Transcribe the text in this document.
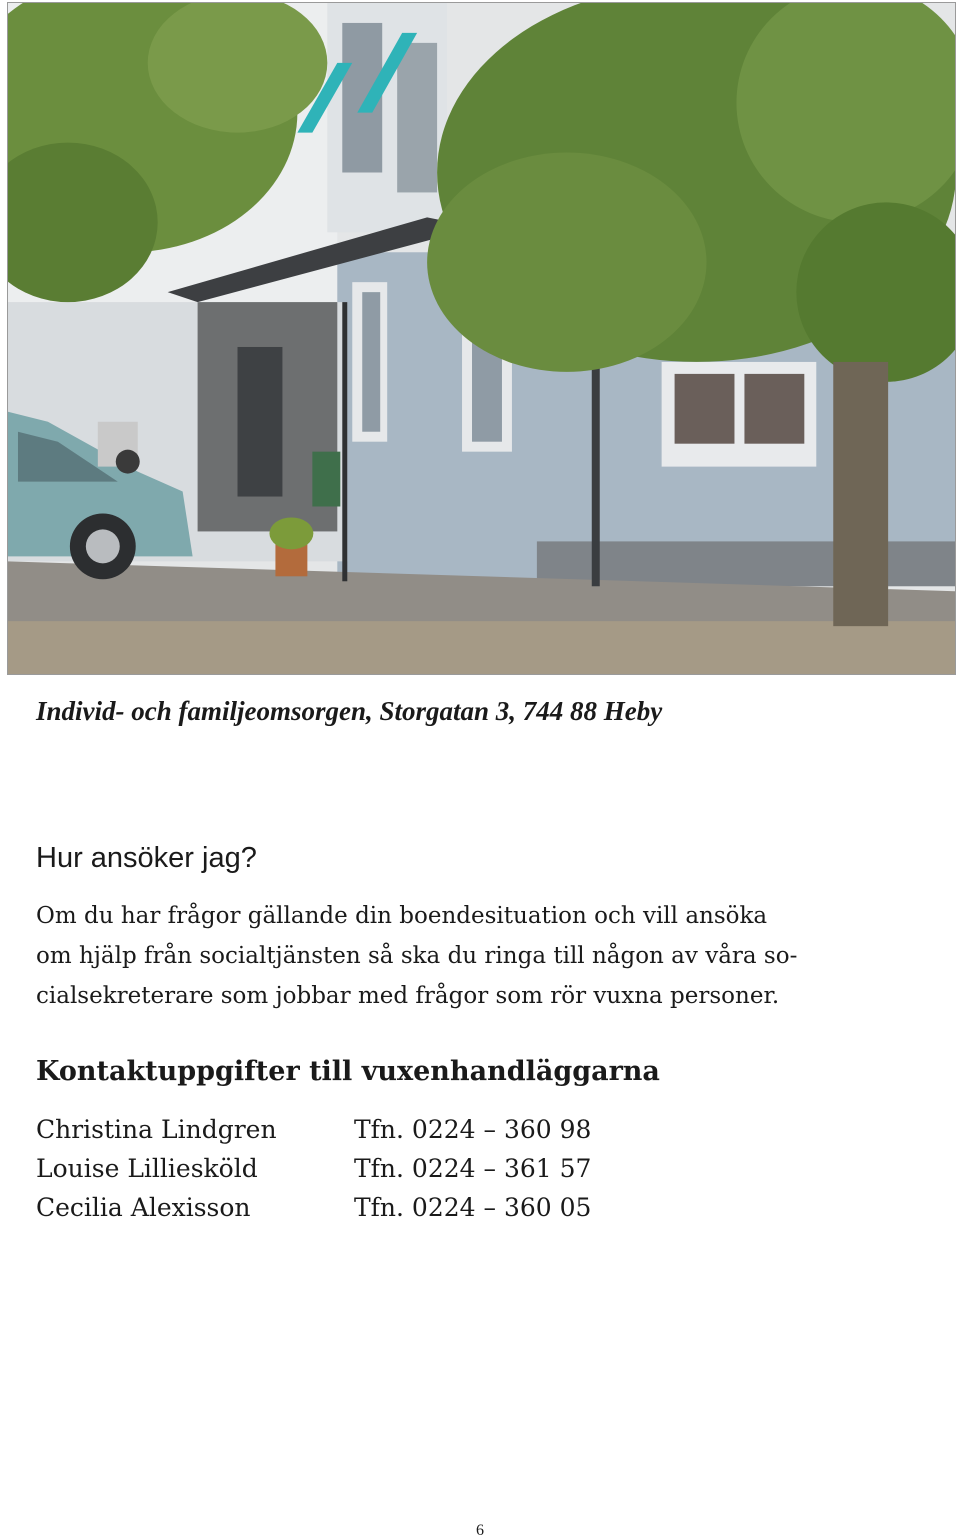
Individ- och familjeomsorgen, Storgatan 3, 744 88 Heby
Hur ansöker jag?
Om du har frågor gällande din boendesituation och vill ansöka
om hjälp från socialtjänsten så ska du ringa till någon av våra so-
cialsekreterare som jobbar med frågor som rör vuxna personer.
Kontaktuppgifter till vuxenhandläggarna
Christina Lindgren	Tfn. 0224 – 360 98
Louise Lilliesköld	Tfn. 0224 – 361 57
Cecilia Alexisson	Tfn. 0224 – 360 05
6
